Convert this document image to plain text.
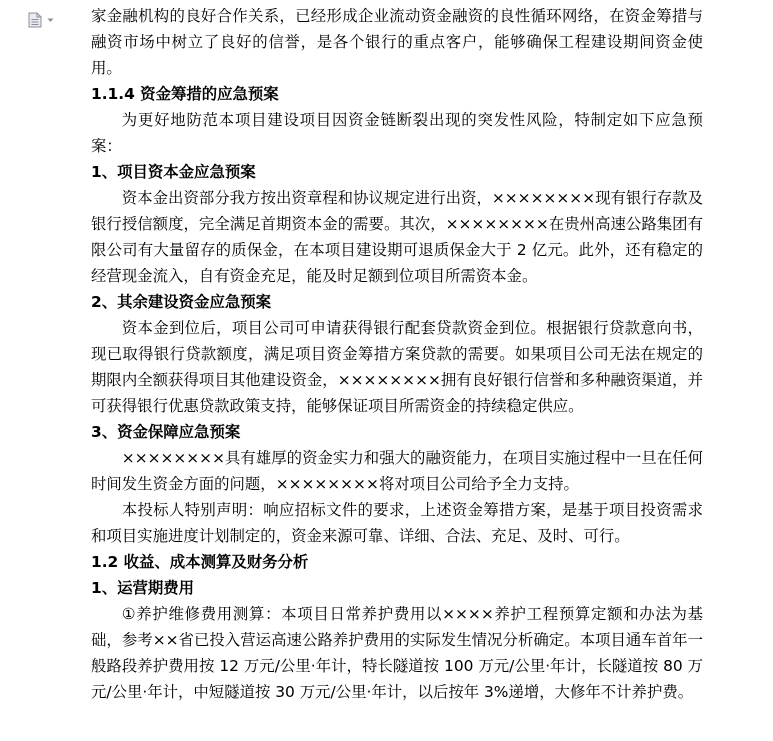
家金融机构的良好合作关系，已经形成企业流动资金融资的良性循环网络，在资金筹措与融资市场中树立了良好的信誉，是各个银行的重点客户，能够确保工程建设期间资金使用。

1.1.4 资金筹措的应急预案

为更好地防范本项目建设项目因资金链断裂出现的突发性风险，特制定如下应急预案：

1、项目资本金应急预案

资本金出资部分我方按出资章程和协议规定进行出资，××××××××现有银行存款及银行授信额度，完全满足首期资本金的需要。其次，××××××××在贵州高速公路集团有限公司有大量留存的质保金，在本项目建设期可退质保金大于 2 亿元。此外，还有稳定的经营现金流入，自有资金充足，能及时足额到位项目所需资本金。

2、其余建设资金应急预案

资本金到位后，项目公司可申请获得银行配套贷款资金到位。根据银行贷款意向书，现已取得银行贷款额度，满足项目资金筹措方案贷款的需要。如果项目公司无法在规定的期限内全额获得项目其他建设资金，××××××××拥有良好银行信誉和多种融资渠道，并可获得银行优惠贷款政策支持，能够保证项目所需资金的持续稳定供应。

3、资金保障应急预案

××××××××具有雄厚的资金实力和强大的融资能力，在项目实施过程中一旦在任何时间发生资金方面的问题，××××××××将对项目公司给予全力支持。

本投标人特别声明：响应招标文件的要求，上述资金筹措方案，是基于项目投资需求和项目实施进度计划制定的，资金来源可靠、详细、合法、充足、及时、可行。

1.2 收益、成本测算及财务分析

1、运营期费用

①养护维修费用测算：本项目日常养护费用以××××养护工程预算定额和办法为基础，参考××省已投入营运高速公路养护费用的实际发生情况分析确定。本项目通车首年一般路段养护费用按 12 万元/公里·年计，特长隧道按 100 万元/公里·年计，长隧道按 80 万元/公里·年计，中短隧道按 30 万元/公里·年计，以后按年 3%递增，大修年不计养护费。
